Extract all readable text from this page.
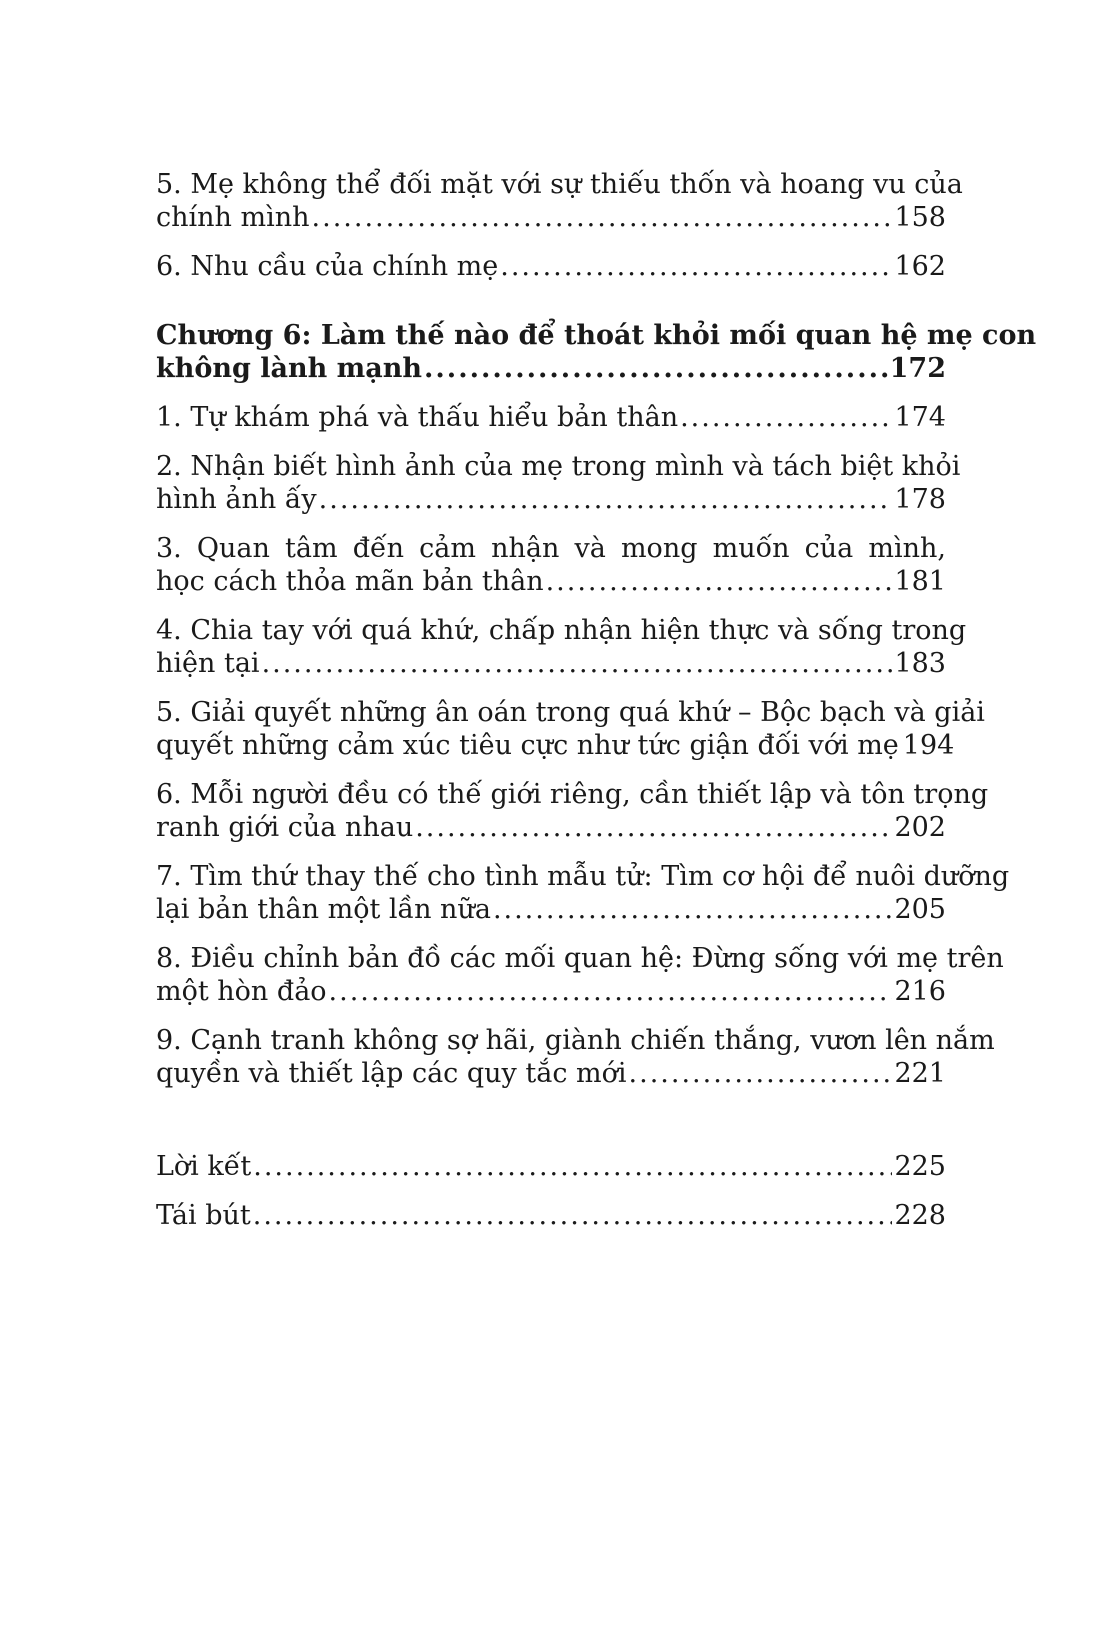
5. Mẹ không thể đối mặt với sự thiếu thốn và hoang vu của
chính mình .....	158
6. Nhu cầu của chính mẹ .....	162
Chương 6: Làm thế nào để thoát khỏi mối quan hệ mẹ con
không lành mạnh .....	172
1. Tự khám phá và thấu hiểu bản thân .....	174
2. Nhận biết hình ảnh của mẹ trong mình và tách biệt khỏi
hình ảnh ấy .....	178
3. Quan tâm đến cảm nhận và mong muốn của mình,
học cách thỏa mãn bản thân .....	181
4. Chia tay với quá khứ, chấp nhận hiện thực và sống trong
hiện tại .....	183
5. Giải quyết những ân oán trong quá khứ – Bộc bạch và giải
quyết những cảm xúc tiêu cực như tức giận đối với mẹ 194
6. Mỗi người đều có thế giới riêng, cần thiết lập và tôn trọng
ranh giới của nhau .....	202
7. Tìm thứ thay thế cho tình mẫu tử: Tìm cơ hội để nuôi dưỡng
lại bản thân một lần nữa .....	205
8. Điều chỉnh bản đồ các mối quan hệ: Đừng sống với mẹ trên
một hòn đảo .....	216
9. Cạnh tranh không sợ hãi, giành chiến thắng, vươn lên nắm
quyền và thiết lập các quy tắc mới .....	221
Lời kết .....	225
Tái bút .....	228
